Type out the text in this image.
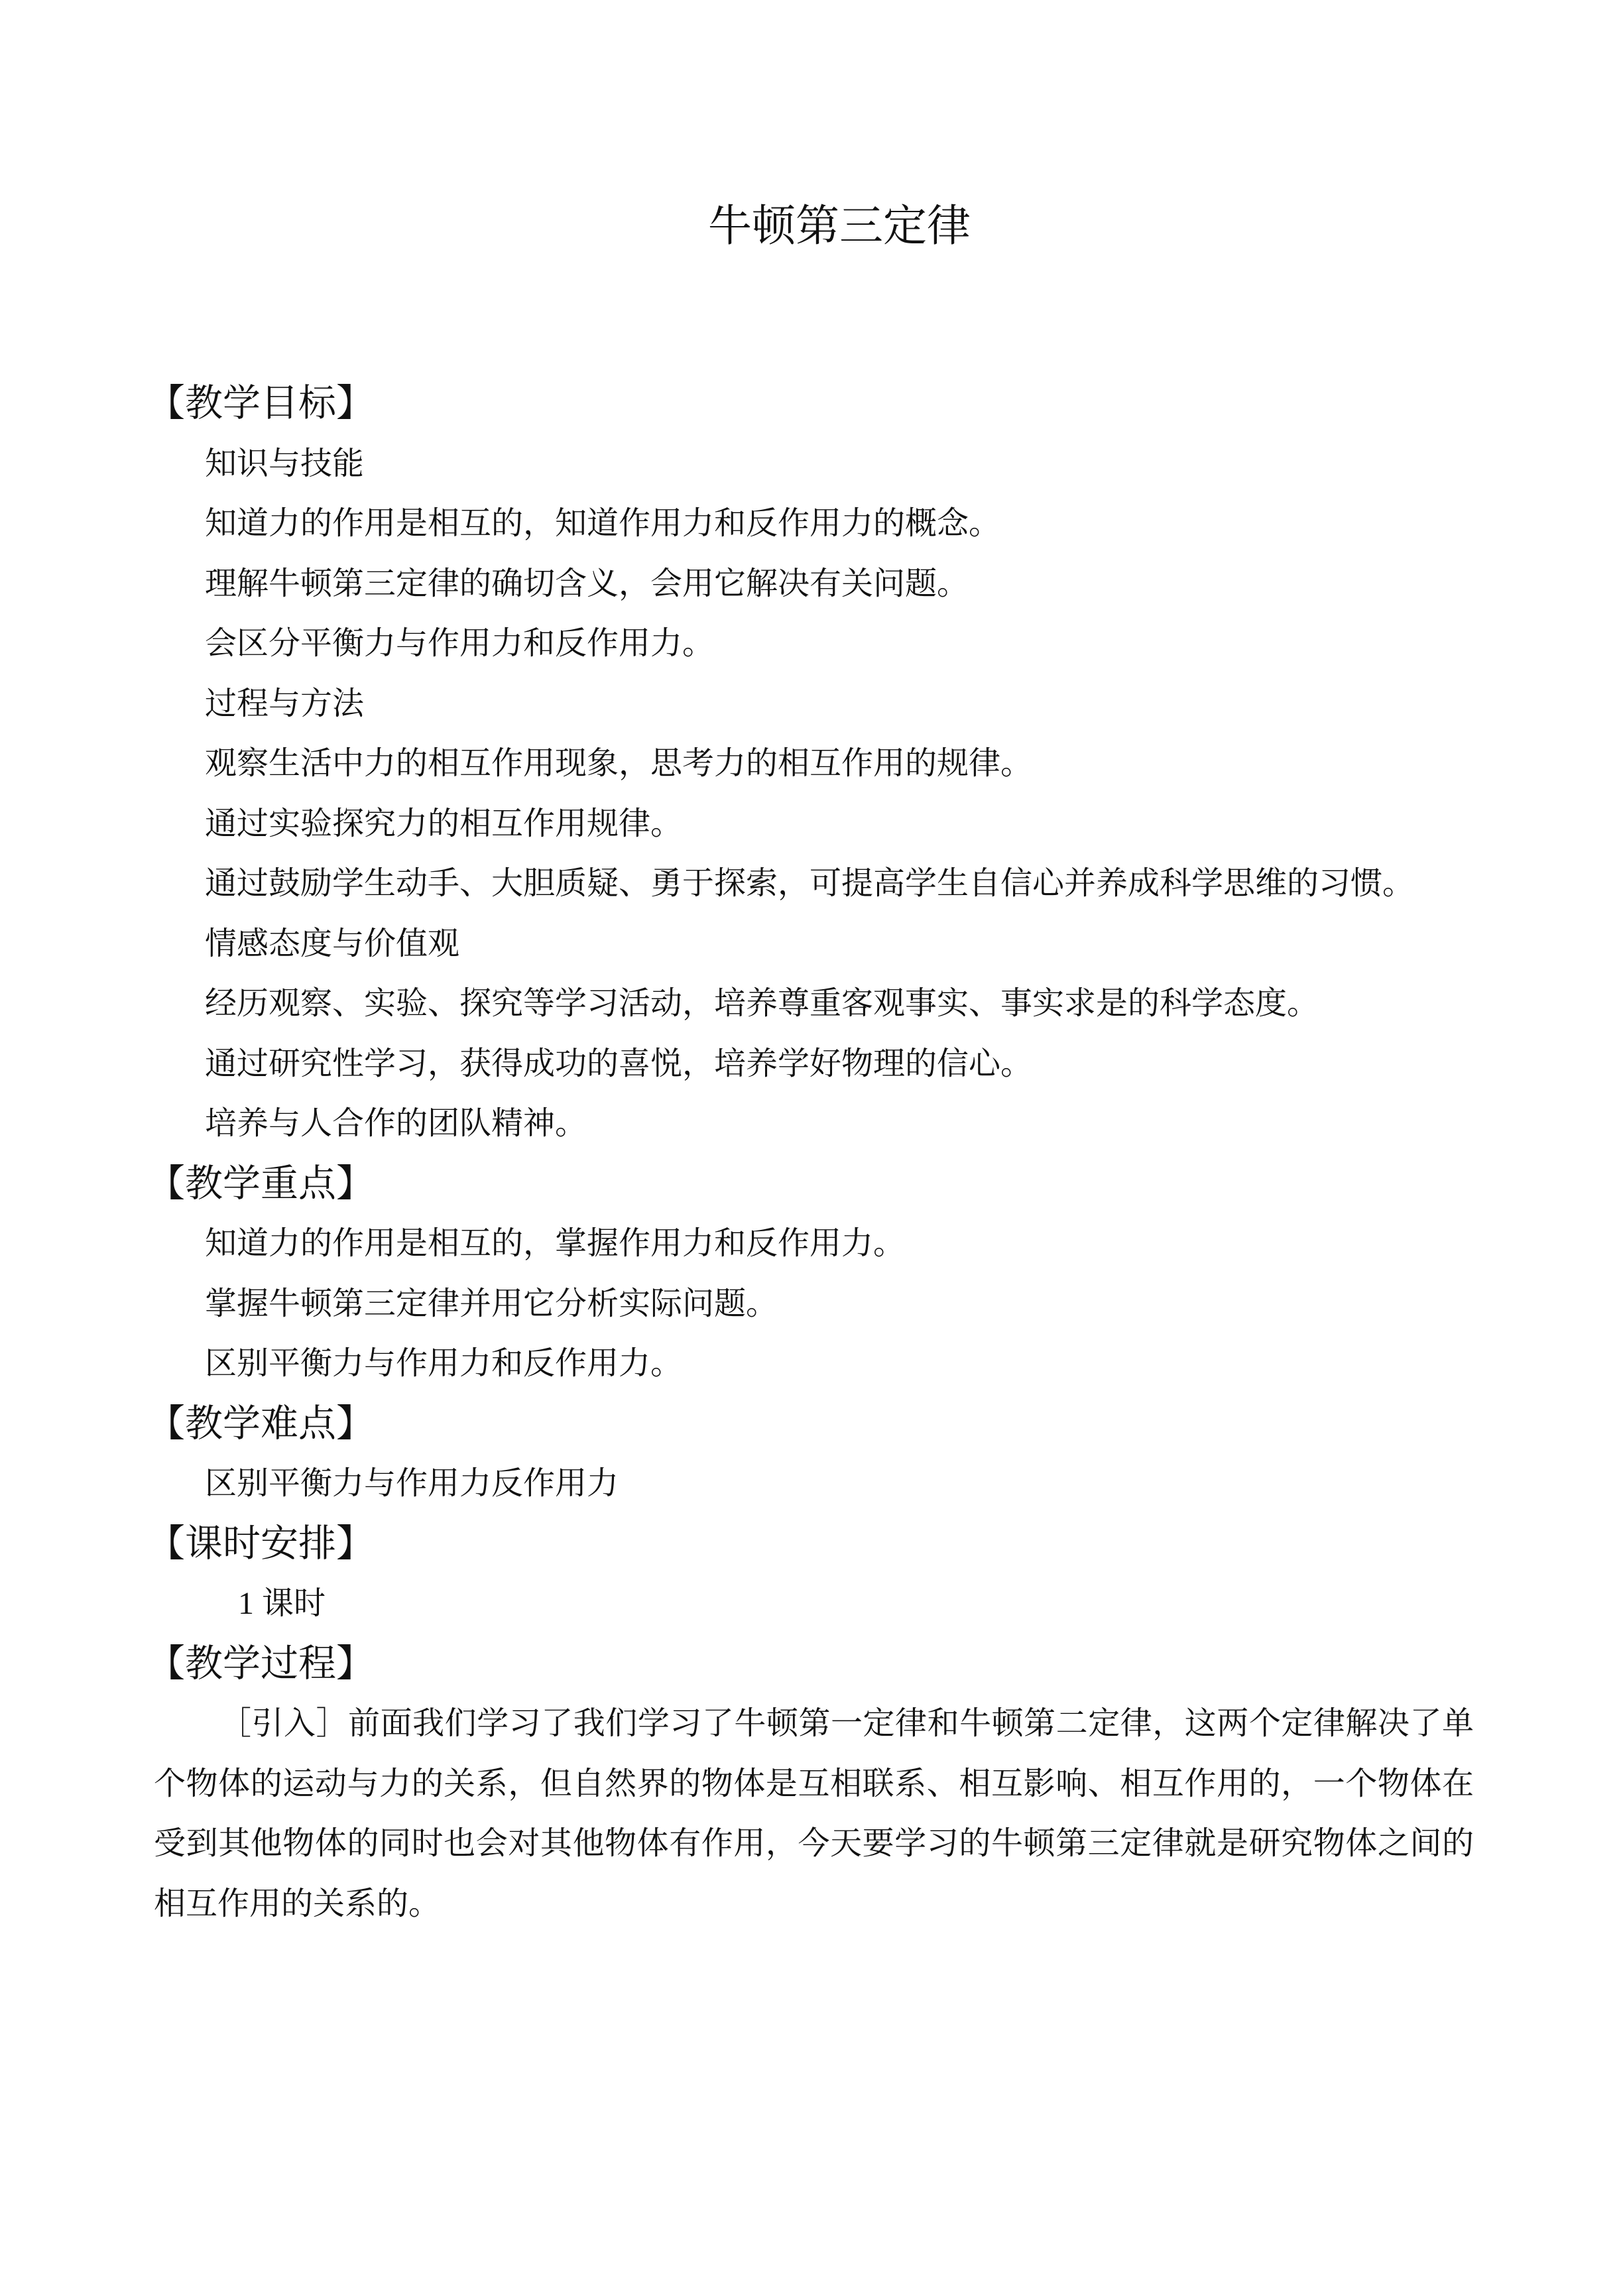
牛顿第三定律
【教学目标】
知识与技能
知道力的作用是相互的，知道作用力和反作用力的概念。
理解牛顿第三定律的确切含义，会用它解决有关问题。
会区分平衡力与作用力和反作用力。
过程与方法
观察生活中力的相互作用现象，思考力的相互作用的规律。
通过实验探究力的相互作用规律。
通过鼓励学生动手、大胆质疑、勇于探索，可提高学生自信心并养成科学思维的习惯。
情感态度与价值观
经历观察、实验、探究等学习活动，培养尊重客观事实、事实求是的科学态度。
通过研究性学习，获得成功的喜悦，培养学好物理的信心。
培养与人合作的团队精神。
【教学重点】
知道力的作用是相互的，掌握作用力和反作用力。
掌握牛顿第三定律并用它分析实际问题。
区别平衡力与作用力和反作用力。
【教学难点】
区别平衡力与作用力反作用力
【课时安排】
1 课时
【教学过程】
［引入］前面我们学习了我们学习了牛顿第一定律和牛顿第二定律，这两个定律解决了单
个物体的运动与力的关系，但自然界的物体是互相联系、相互影响、相互作用的，一个物体在
受到其他物体的同时也会对其他物体有作用，今天要学习的牛顿第三定律就是研究物体之间的
相互作用的关系的。
